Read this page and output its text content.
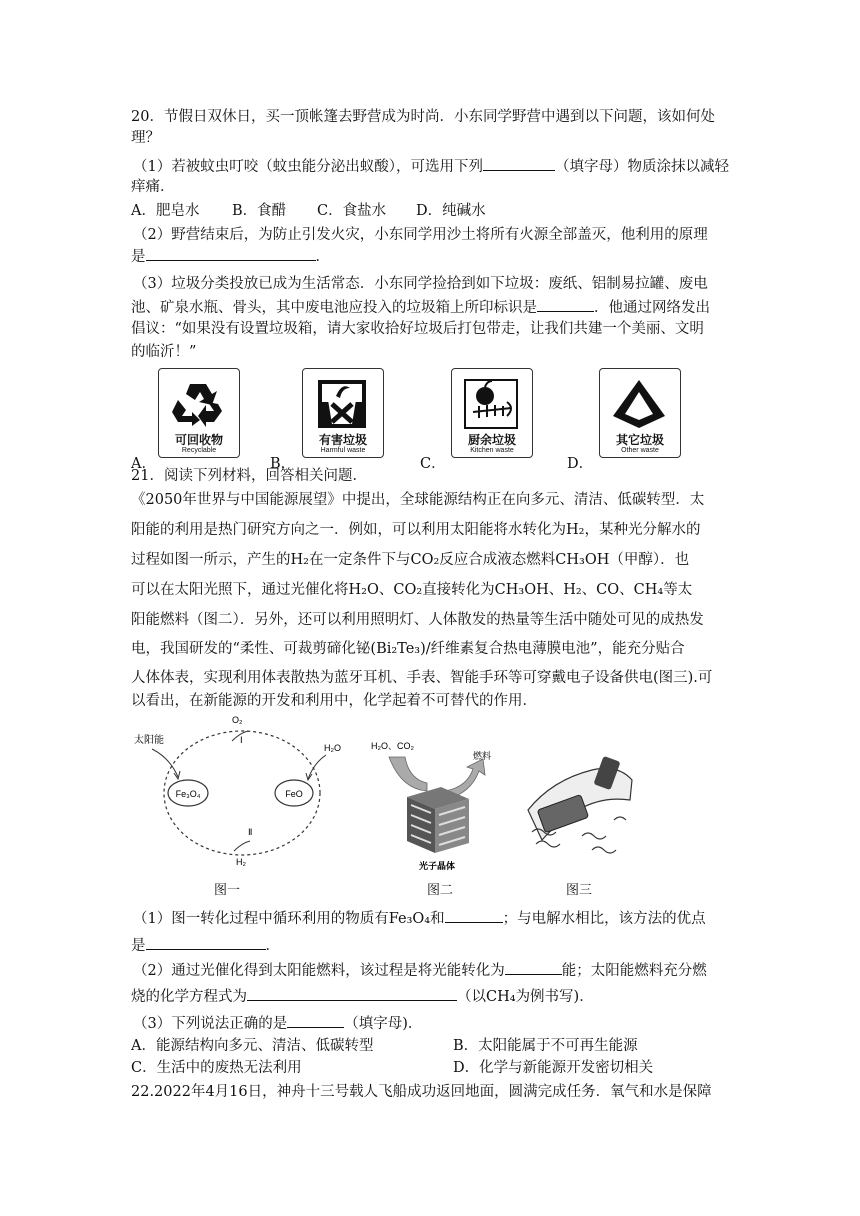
20．节假日双休日，买一顶帐篷去野营成为时尚．小东同学野营中遇到以下问题，该如何处
理？
（1）若被蚊虫叮咬（蚊虫能分泌出蚁酸），可选用下列	（填字母）物质涂抹以减轻
痒痛．
A．肥皂水 B．食醋 C．食盐水 D．纯碱水
（2）野营结束后，为防止引发火灾，小东同学用沙土将所有火源全部盖灭，他利用的原理
是	．
（3）垃圾分类投放已成为生活常态．小东同学捡拾到如下垃圾：废纸、铝制易拉罐、废电
池、矿泉水瓶、骨头，其中废电池应投入的垃圾箱上所印标识是	．他通过网络发出
倡议：“如果没有设置垃圾箱，请大家收拾好垃圾后打包带走，让我们共建一个美丽、文明
的临沂！”
A．
可回收物
Recyclable
B．
有害垃圾
Harmful waste
C．
厨余垃圾
Kitchen waste
D．
其它垃圾
Other waste
21．阅读下列材料，回答相关问题．
《2050年世界与中国能源展望》中提出，全球能源结构正在向多元、清洁、低碳转型．太
阳能的利用是热门研究方向之一．例如，可以利用太阳能将水转化为H₂，某种光分解水的
过程如图一所示，产生的H₂在一定条件下与CO₂反应合成液态燃料CH₃OH（甲醇）．也
可以在太阳光照下，通过光催化将H₂O、CO₂直接转化为CH₃OH、H₂、CO、CH₄等太
阳能燃料（图二）．另外，还可以利用照明灯、人体散发的热量等生活中随处可见的成热发
电，我国研发的“柔性、可裁剪碲化铋(Bi₂Te₃)/纤维素复合热电薄膜电池”，能充分贴合
人体体表，实现利用体表散热为蓝牙耳机、手表、智能手环等可穿戴电子设备供电(图三).可
以看出，在新能源的开发和利用中，化学起着不可替代的作用．
Fe₃O₄	FeO
太阳能
O₂
Ⅰ
H₂O
Ⅱ
H₂
H₂O、CO₂
燃料
光子晶体
图一	图二	图三
（1）图一转化过程中循环利用的物质有Fe₃O₄和	；与电解水相比，该方法的优点
是	．
（2）通过光催化得到太阳能燃料，该过程是将光能转化为	能；太阳能燃料充分燃
烧的化学方程式为	（以CH₄为例书写)．
（3）下列说法正确的是	（填字母)．
A．能源结构向多元、清洁、低碳转型	B．太阳能属于不可再生能源
C．生活中的废热无法利用	D．化学与新能源开发密切相关
22.2022年4月16日，神舟十三号载人飞船成功返回地面，圆满完成任务．氧气和水是保障
